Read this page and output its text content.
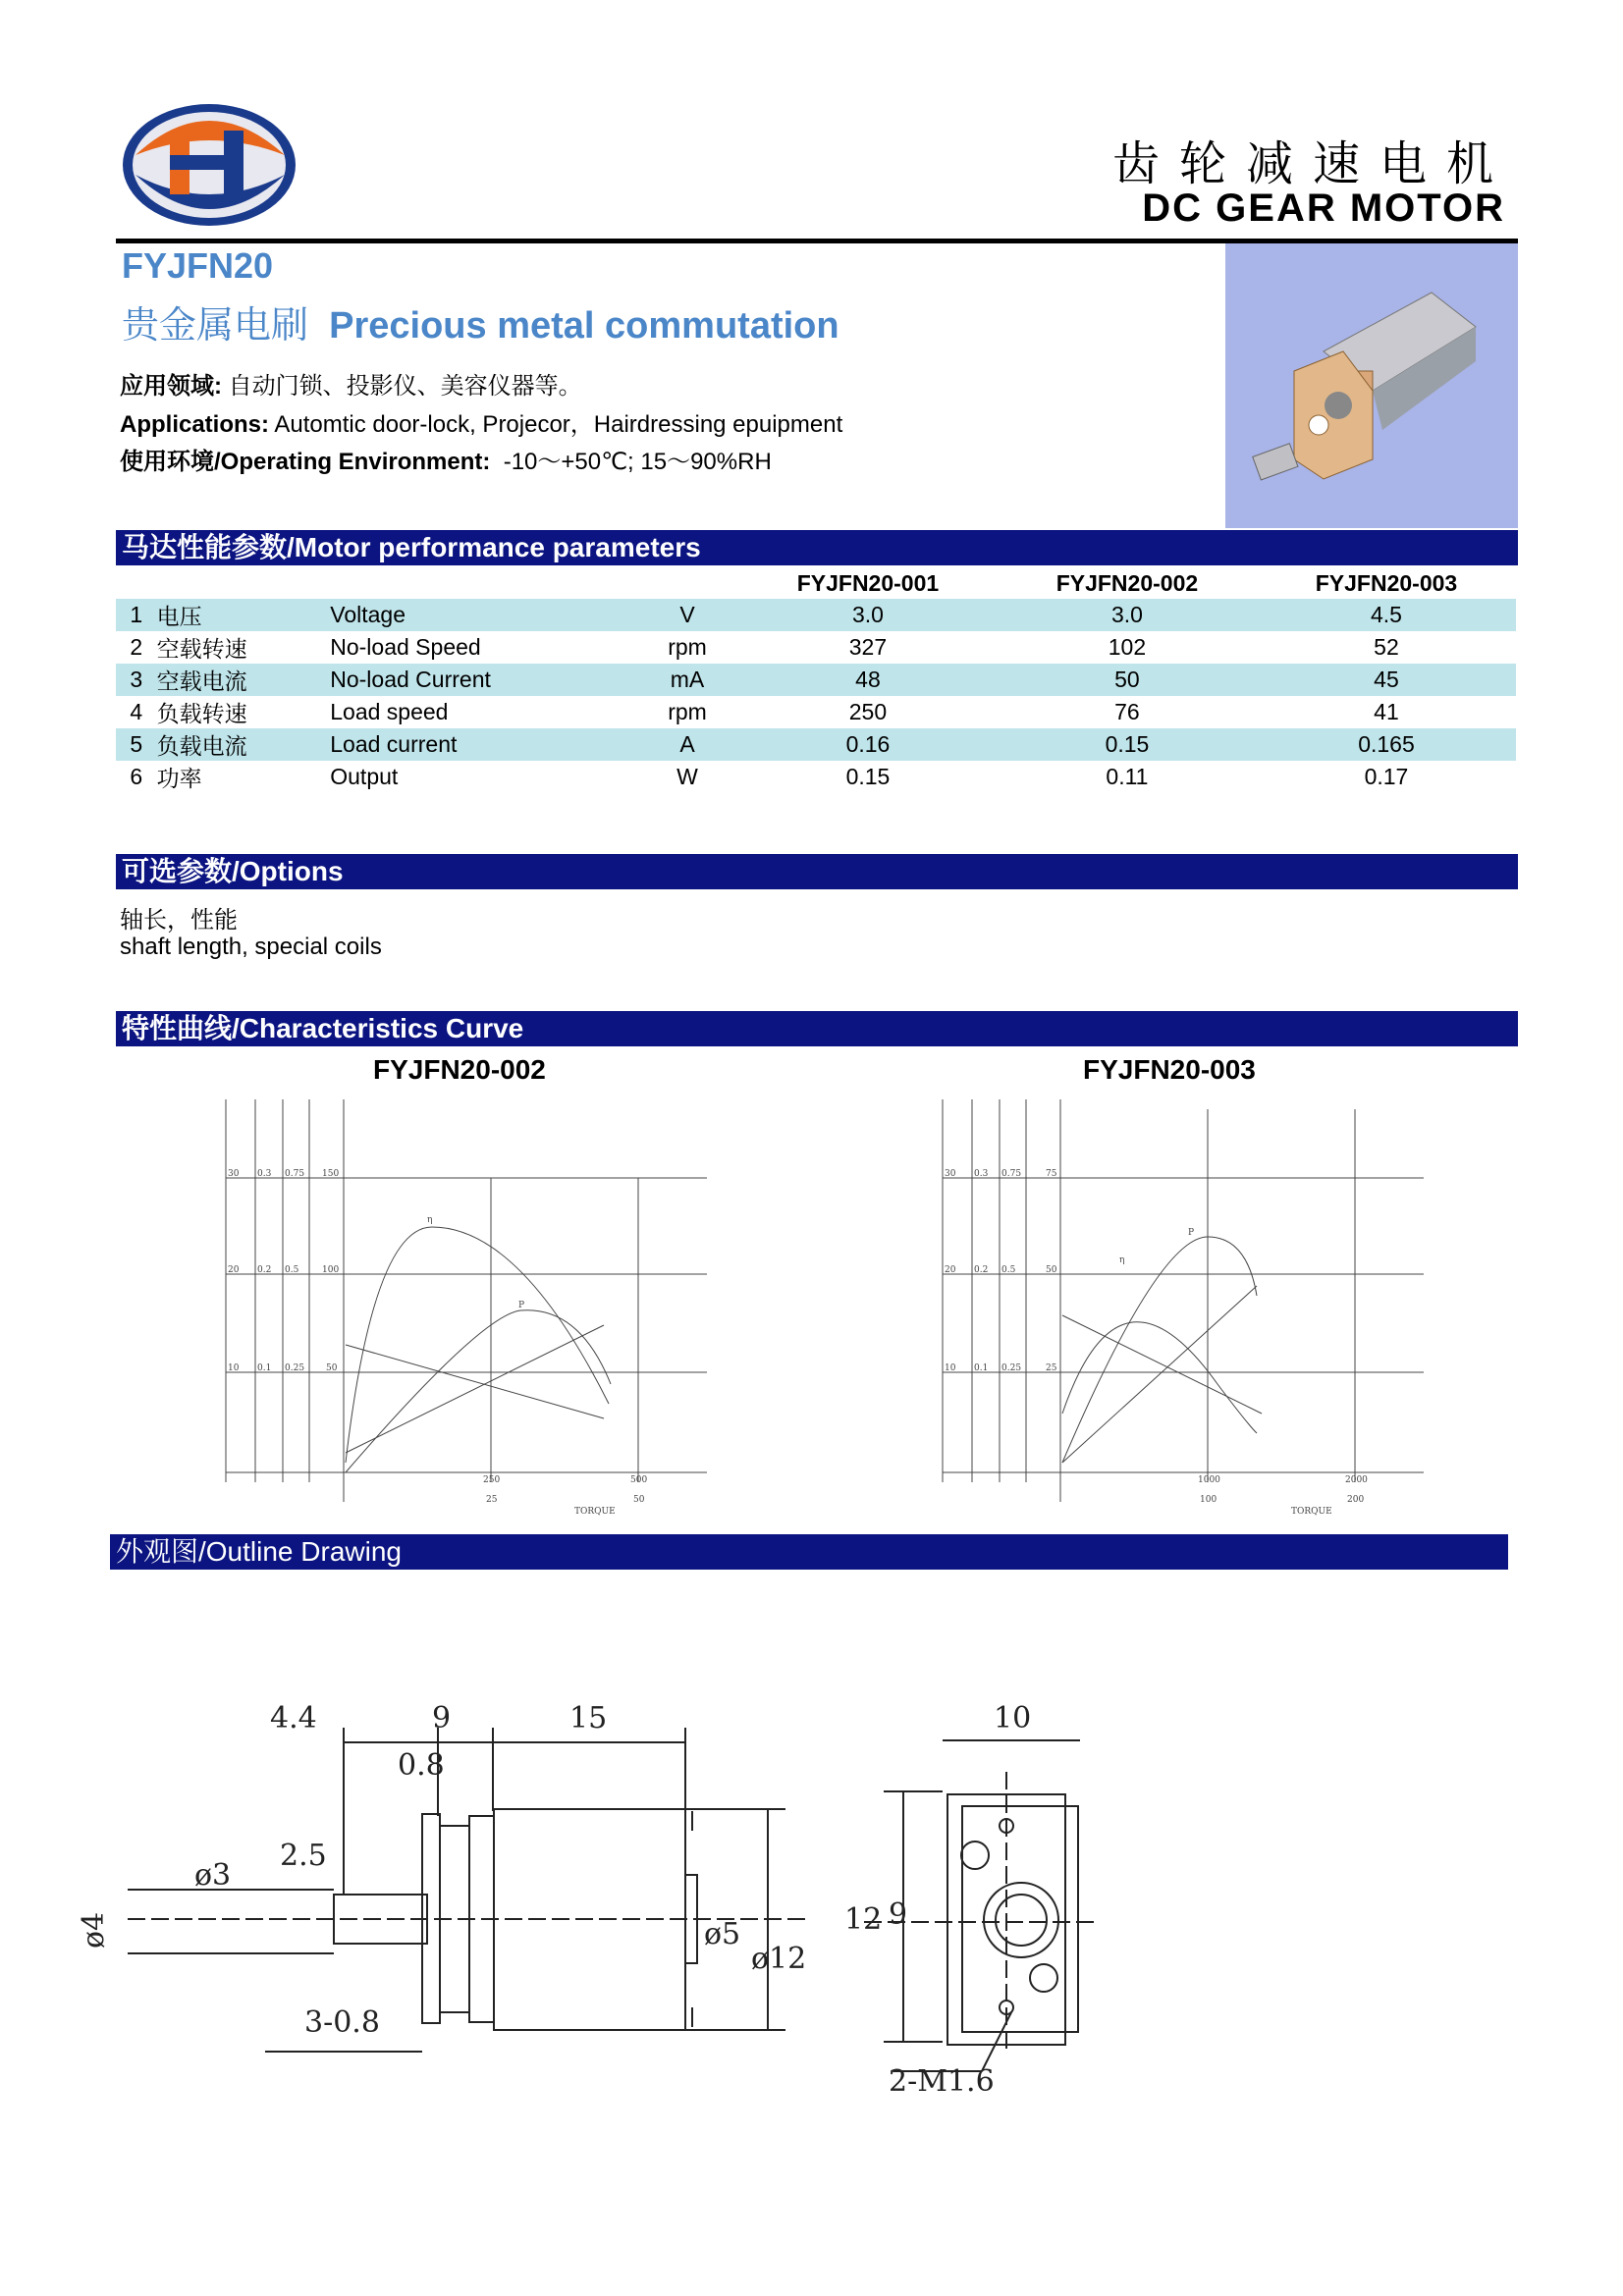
齿轮减速电机
DC GEAR MOTOR
FYJFN20
贵金属电刷 Precious metal commutation
应用领域: 自动门锁、投影仪、美容仪器等。
Applications: Automtic door-lock, Projecor，Hairdressing epuipment
使用环境/Operating Environment: -10～+50℃; 15～90%RH
马达性能参数/Motor performance parameters
				FYJFN20-001	FYJFN20-002	FYJFN20-003
1	电压	Voltage	V	3.0	3.0	4.5
2	空载转速	No-load Speed	rpm	327	102	52
3	空载电流	No-load Current	mA	48	50	45
4	负载转速	Load speed	rpm	250	76	41
5	负载电流	Load current	A	0.16	0.15	0.165
6	功率	Output	W	0.15	0.11	0.17
可选参数/Options
轴长，性能
shaft length, special coils
特性曲线/Characteristics Curve
FYJFN20-002	FYJFN20-003
30 0.3 0.75 150
20 0.2 0.5	100
10 0.1 0.25 50
250	500
25	50
TORQUE
η
P
30 0.3 0.75	75
20 0.2 0.5	50
10 0.1 0.25	25
1000	2000
100	200
TORQUE
η
P
外观图/Outline Drawing
4.4	9	15
0.8
ø4
3-0.8
ø5
ø12
10
12 9
2-M1.6
ø3
2.5
